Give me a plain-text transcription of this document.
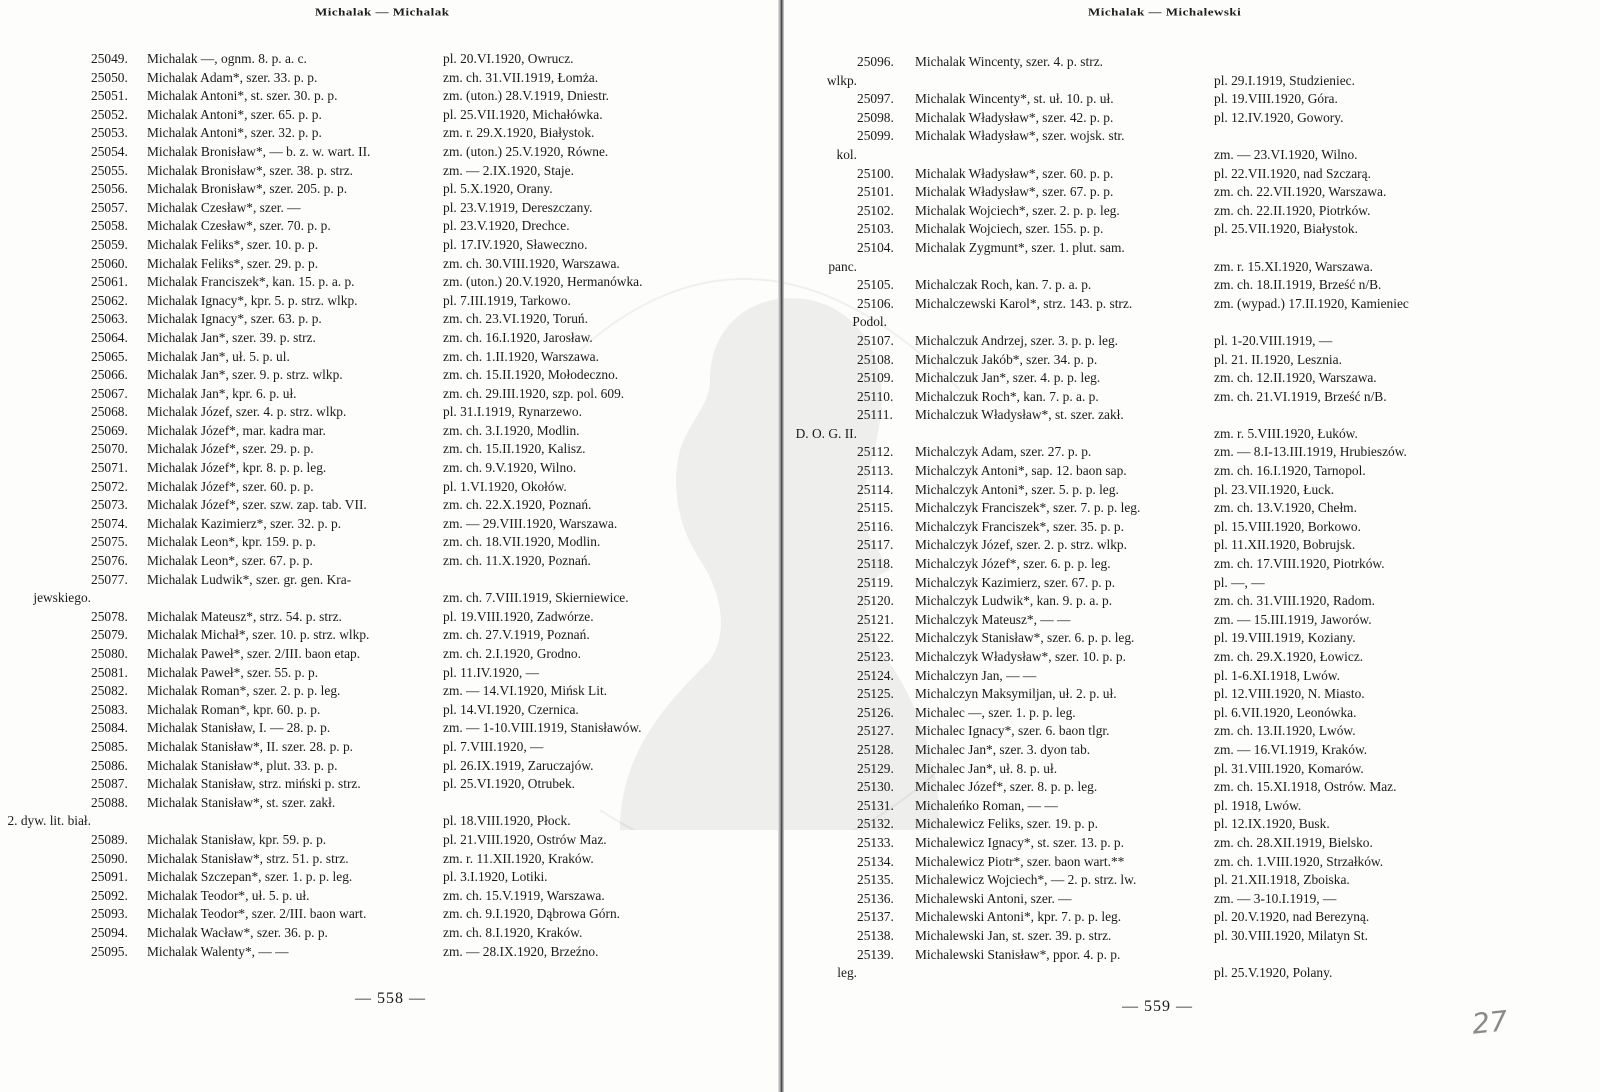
Michalak — Michalak
25049. Michalak —, ognm. 8. p. a. c.	pl. 20.VI.1920, Owrucz.
25050. Michalak Adam*, szer. 33. p. p.	zm. ch. 31.VII.1919, Łomża.
25051. Michalak Antoni*, st. szer. 30. p. p.	zm. (uton.) 28.V.1919, Dniestr.
25052. Michalak Antoni*, szer. 65. p. p.	pl. 25.VII.1920, Michałówka.
25053. Michalak Antoni*, szer. 32. p. p.	zm. r. 29.X.1920, Białystok.
25054. Michalak Bronisław*, — b. z. w. wart. II.	zm. (uton.) 25.V.1920, Równe.
25055. Michalak Bronisław*, szer. 38. p. strz.	zm. — 2.IX.1920, Staje.
25056. Michalak Bronisław*, szer. 205. p. p.	pl. 5.X.1920, Orany.
25057. Michalak Czesław*, szer. —	pl. 23.V.1919, Dereszczany.
25058. Michalak Czesław*, szer. 70. p. p.	pl. 23.V.1920, Drechce.
25059. Michalak Feliks*, szer. 10. p. p.	pl. 17.IV.1920, Sławeczno.
25060. Michalak Feliks*, szer. 29. p. p.	zm. ch. 30.VIII.1920, Warszawa.
25061. Michalak Franciszek*, kan. 15. p. a. p.	zm. (uton.) 20.V.1920, Hermanówka.
25062. Michalak Ignacy*, kpr. 5. p. strz. wlkp.	pl. 7.III.1919, Tarkowo.
25063. Michalak Ignacy*, szer. 63. p. p.	zm. ch. 23.VI.1920, Toruń.
25064. Michalak Jan*, szer. 39. p. strz.	zm. ch. 16.I.1920, Jarosław.
25065. Michalak Jan*, uł. 5. p. ul.	zm. ch. 1.II.1920, Warszawa.
25066. Michalak Jan*, szer. 9. p. strz. wlkp.	zm. ch. 15.II.1920, Mołodeczno.
25067. Michalak Jan*, kpr. 6. p. uł.	zm. ch. 29.III.1920, szp. pol. 609.
25068. Michalak Józef, szer. 4. p. strz. wlkp.	pl. 31.I.1919, Rynarzewo.
25069. Michalak Józef*, mar. kadra mar.	zm. ch. 3.I.1920, Modlin.
25070. Michalak Józef*, szer. 29. p. p.	zm. ch. 15.II.1920, Kalisz.
25071. Michalak Józef*, kpr. 8. p. p. leg.	zm. ch. 9.V.1920, Wilno.
25072. Michalak Józef*, szer. 60. p. p.	pl. 1.VI.1920, Okołów.
25073. Michalak Józef*, szer. szw. zap. tab. VII.	zm. ch. 22.X.1920, Poznań.
25074. Michalak Kazimierz*, szer. 32. p. p.	zm. — 29.VIII.1920, Warszawa.
25075. Michalak Leon*, kpr. 159. p. p.	zm. ch. 18.VII.1920, Modlin.
25076. Michalak Leon*, szer. 67. p. p.	zm. ch. 11.X.1920, Poznań.
25077. Michalak Ludwik*, szer. gr. gen. Kra-
jewskiego.	zm. ch. 7.VIII.1919, Skierniewice.
25078. Michalak Mateusz*, strz. 54. p. strz.	pl. 19.VIII.1920, Zadwórze.
25079. Michalak Michał*, szer. 10. p. strz. wlkp.	zm. ch. 27.V.1919, Poznań.
25080. Michalak Paweł*, szer. 2/III. baon etap.	zm. ch. 2.I.1920, Grodno.
25081. Michalak Paweł*, szer. 55. p. p.	pl. 11.IV.1920, —
25082. Michalak Roman*, szer. 2. p. p. leg.	zm. — 14.VI.1920, Mińsk Lit.
25083. Michalak Roman*, kpr. 60. p. p.	pl. 14.VI.1920, Czernica.
25084. Michalak Stanisław, I. — 28. p. p.	zm. — 1-10.VIII.1919, Stanisławów.
25085. Michalak Stanisław*, II. szer. 28. p. p.	pl. 7.VIII.1920, —
25086. Michalak Stanisław*, plut. 33. p. p.	pl. 26.IX.1919, Zaruczajów.
25087. Michalak Stanisław, strz. miński p. strz.	pl. 25.VI.1920, Otrubek.
25088. Michalak Stanisław*, st. szer. zakł.
2. dyw. lit. biał.	pl. 18.VIII.1920, Płock.
25089. Michalak Stanisław, kpr. 59. p. p.	pl. 21.VIII.1920, Ostrów Maz.
25090. Michalak Stanisław*, strz. 51. p. strz.	zm. r. 11.XII.1920, Kraków.
25091. Michalak Szczepan*, szer. 1. p. p. leg.	pl. 3.I.1920, Lotiki.
25092. Michalak Teodor*, uł. 5. p. uł.	zm. ch. 15.V.1919, Warszawa.
25093. Michalak Teodor*, szer. 2/III. baon wart.	zm. ch. 9.I.1920, Dąbrowa Górn.
25094. Michalak Wacław*, szer. 36. p. p.	zm. ch. 8.I.1920, Kraków.
25095. Michalak Walenty*, — —	zm. — 28.IX.1920, Brzeźno.
— 558 —
Michalak — Michalewski
25096. Michalak Wincenty, szer. 4. p. strz.
wlkp.	pl. 29.I.1919, Studzieniec.
25097. Michalak Wincenty*, st. uł. 10. p. uł.	pl. 19.VIII.1920, Góra.
25098. Michalak Władysław*, szer. 42. p. p.	pl. 12.IV.1920, Gowory.
25099. Michalak Władysław*, szer. wojsk. str.
kol.	zm. — 23.VI.1920, Wilno.
25100. Michalak Władysław*, szer. 60. p. p.	pl. 22.VII.1920, nad Szczarą.
25101. Michalak Władysław*, szer. 67. p. p.	zm. ch. 22.VII.1920, Warszawa.
25102. Michalak Wojciech*, szer. 2. p. p. leg.	zm. ch. 22.II.1920, Piotrków.
25103. Michalak Wojciech, szer. 155. p. p.	pl. 25.VII.1920, Białystok.
25104. Michalak Zygmunt*, szer. 1. plut. sam.
panc.	zm. r. 15.XI.1920, Warszawa.
25105. Michalczak Roch, kan. 7. p. a. p.	zm. ch. 18.II.1919, Brześć n/B.
25106. Michalczewski Karol*, strz. 143. p. strz.	zm. (wypad.) 17.II.1920, Kamieniec
Podol.
25107. Michalczuk Andrzej, szer. 3. p. p. leg.	pl. 1-20.VIII.1919, —
25108. Michalczuk Jakób*, szer. 34. p. p.	pl. 21. II.1920, Lesznia.
25109. Michalczuk Jan*, szer. 4. p. p. leg.	zm. ch. 12.II.1920, Warszawa.
25110. Michalczuk Roch*, kan. 7. p. a. p.	zm. ch. 21.VI.1919, Brześć n/B.
25111. Michalczuk Władysław*, st. szer. zakł.
D. O. G. II.	zm. r. 5.VIII.1920, Łuków.
25112. Michalczyk Adam, szer. 27. p. p.	zm. — 8.I-13.III.1919, Hrubieszów.
25113. Michalczyk Antoni*, sap. 12. baon sap.	zm. ch. 16.I.1920, Tarnopol.
25114. Michalczyk Antoni*, szer. 5. p. p. leg.	pl. 23.VII.1920, Łuck.
25115. Michalczyk Franciszek*, szer. 7. p. p. leg.	zm. ch. 13.V.1920, Chełm.
25116. Michalczyk Franciszek*, szer. 35. p. p.	pl. 15.VIII.1920, Borkowo.
25117. Michalczyk Józef, szer. 2. p. strz. wlkp.	pl. 11.XII.1920, Bobrujsk.
25118. Michalczyk Józef*, szer. 6. p. p. leg.	zm. ch. 17.VIII.1920, Piotrków.
25119. Michalczyk Kazimierz, szer. 67. p. p.	pl. —, —
25120. Michalczyk Ludwik*, kan. 9. p. a. p.	zm. ch. 31.VIII.1920, Radom.
25121. Michalczyk Mateusz*, — —	zm. — 15.III.1919, Jaworów.
25122. Michalczyk Stanisław*, szer. 6. p. p. leg.	pl. 19.VIII.1919, Koziany.
25123. Michalczyk Władysław*, szer. 10. p. p.	zm. ch. 29.X.1920, Łowicz.
25124. Michalczyn Jan, — —	pl. 1-6.XI.1918, Lwów.
25125. Michalczyn Maksymiljan, uł. 2. p. uł.	pl. 12.VIII.1920, N. Miasto.
25126. Michalec —, szer. 1. p. p. leg.	pl. 6.VII.1920, Leonówka.
25127. Michalec Ignacy*, szer. 6. baon tlgr.	zm. ch. 13.II.1920, Lwów.
25128. Michalec Jan*, szer. 3. dyon tab.	zm. — 16.VI.1919, Kraków.
25129. Michalec Jan*, uł. 8. p. uł.	pl. 31.VIII.1920, Komarów.
25130. Michalec Józef*, szer. 8. p. p. leg.	zm. ch. 15.XI.1918, Ostrów. Maz.
25131. Michaleńko Roman, — —	pl. 1918, Lwów.
25132. Michalewicz Feliks, szer. 19. p. p.	pl. 12.IX.1920, Busk.
25133. Michalewicz Ignacy*, st. szer. 13. p. p.	zm. ch. 28.XII.1919, Bielsko.
25134. Michalewicz Piotr*, szer. baon wart.**	zm. ch. 1.VIII.1920, Strzałków.
25135. Michalewicz Wojciech*, — 2. p. strz. lw.	pl. 21.XII.1918, Zboiska.
25136. Michalewski Antoni, szer. —	zm. — 3-10.I.1919, —
25137. Michalewski Antoni*, kpr. 7. p. p. leg.	pl. 20.V.1920, nad Berezyną.
25138. Michalewski Jan, st. szer. 39. p. strz.	pl. 30.VIII.1920, Milatyn St.
25139. Michalewski Stanisław*, ppor. 4. p. p.
leg.	pl. 25.V.1920, Polany.
— 559 —	27
